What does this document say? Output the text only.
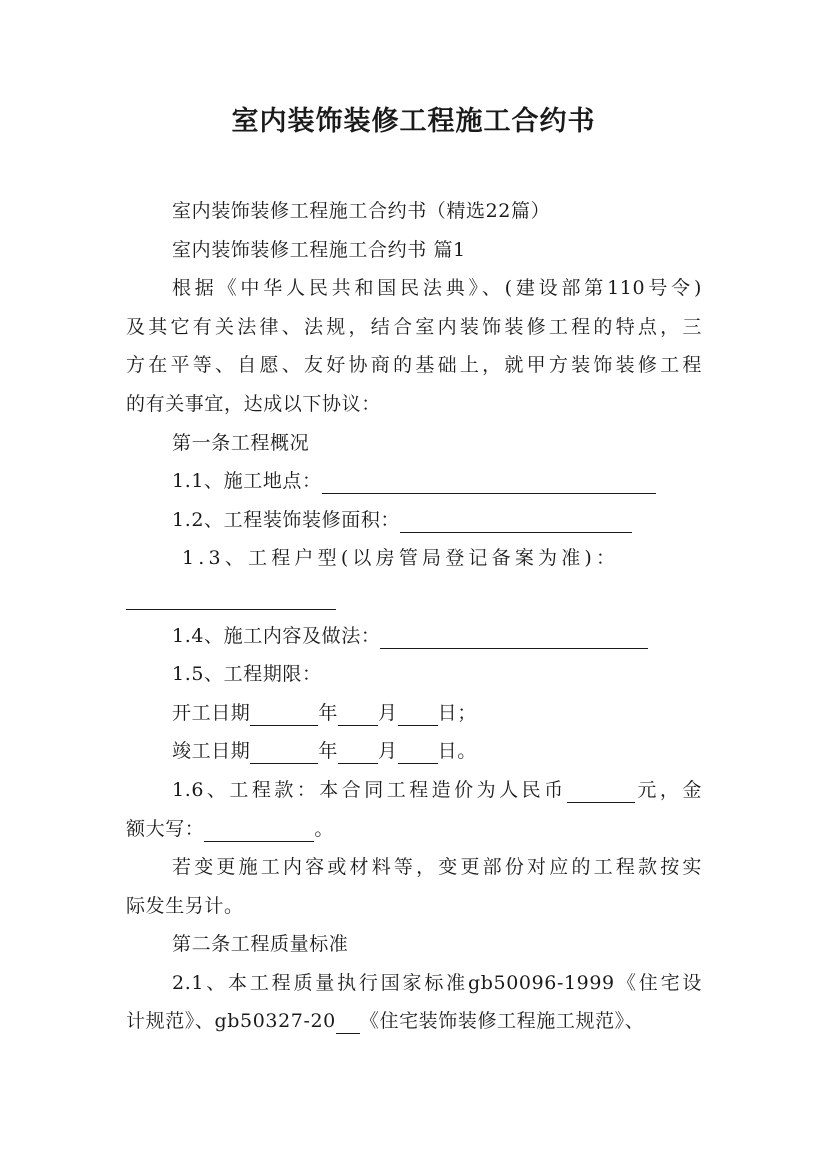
室内装饰装修工程施工合约书

室内装饰装修工程施工合约书（精选22篇）

室内装饰装修工程施工合约书 篇1

根据《中华人民共和国民法典》、(建设部第110号令)

及其它有关法律、法规，结合室内装饰装修工程的特点，三

方在平等、自愿、友好协商的基础上，就甲方装饰装修工程

的有关事宜，达成以下协议：

第一条工程概况

1.1、施工地点：

1.2、工程装饰装修面积：

1.3、工程户型(以房管局登记备案为准)：

1.4、施工内容及做法：

1.5、工程期限：

开工日期	年 月 日；

竣工日期	年 月 日。

1.6、工程款：本合同工程造价为人民币	元，金

额大写：	。

若变更施工内容或材料等，变更部份对应的工程款按实

际发生另计。

第二条工程质量标准

2.1、本工程质量执行国家标准gb50096-1999《住宅设

计规范》、gb50327-20 《住宅装饰装修工程施工规范》、
